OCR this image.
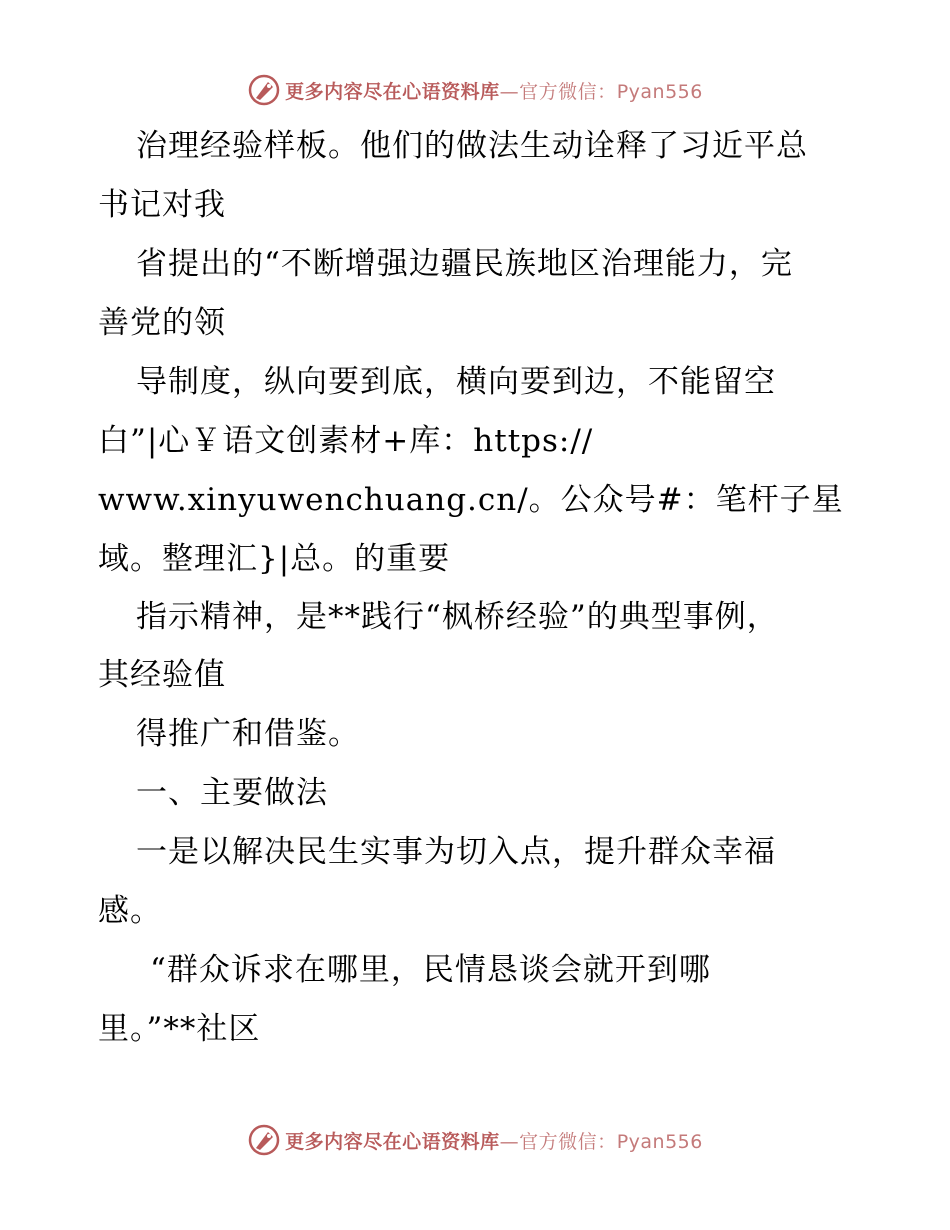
更多内容尽在心语资料库—官方微信：Pyan556
治理经验样板。他们的做法生动诠释了习近平总
书记对我
省提出的“不断增强边疆民族地区治理能力，完
善党的领
导制度，纵向要到底，横向要到边，不能留空
白”|心￥语文创素材+库：https://
www.xinyuwenchuang.cn/。公众号#：笔杆子星
域。整理汇}|总。的重要
指示精神，是**践行“枫桥经验”的典型事例，
其经验值
得推广和借鉴。
一、主要做法
一是以解决民生实事为切入点，提升群众幸福
感。
“群众诉求在哪里，民情恳谈会就开到哪
里。”**社区
更多内容尽在心语资料库—官方微信：Pyan556
